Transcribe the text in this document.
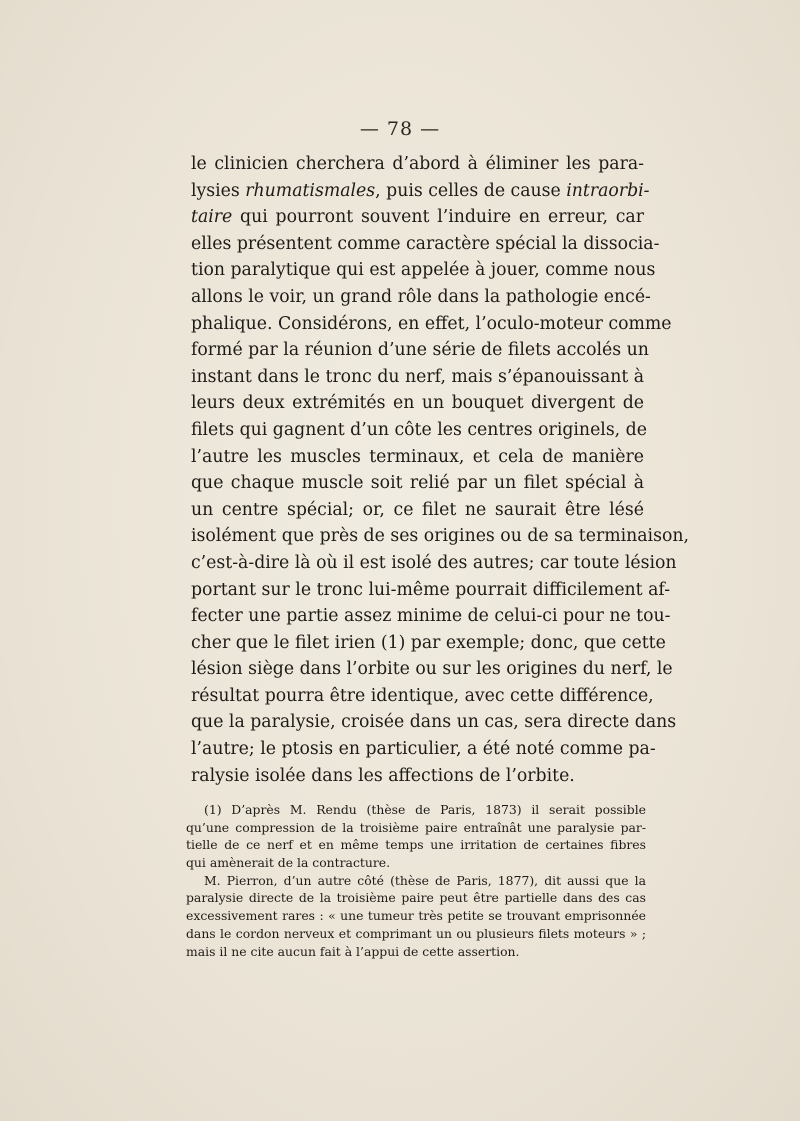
— 78 —
le clinicien chercherа d’abord à éliminer les para-
lysies rhumatismales, puis celles de cause intraorbi-
taire qui pourront souvent l’induire en erreur, car
elles présentent comme caractère spécial la dissocia-
tion paralytique qui est appelée à jouer, comme nous
allons le voir, un grand rôle dans la pathologie encé-
phalique. Considérons, en effet, l’oculo-moteur comme
formé par la réunion d’une série de filets accolés un
instant dans le tronc du nerf, mais s’épanouissant à
leurs deux extrémités en un bouquet divergent de
filets qui gagnent d’un côte les centres originels, de
l’autre les muscles terminaux, et cela de manière
que chaque muscle soit relié par un filet spécial à
un centre spécial; or, ce filet ne saurait être lésé
isolément que près de ses origines ou de sa terminaison,
c’est-à-dire là où il est isolé des autres; car toute lésion
portant sur le tronc lui-même pourrait difficilement af-
fecter une partie assez minime de celui-ci pour ne tou-
cher que le filet irien (1) par exemple; donc, que cette
lésion siège dans l’orbite ou sur les origines du nerf, le
résultat pourra être identique, avec cette différence,
que la paralysie, croisée dans un cas, sera directe dans
l’autre; le ptosis en particulier, a été noté comme pa-
ralysie isolée dans les affections de l’orbite.
(1) D’après M. Rendu (thèse de Paris, 1873) il serait possible
qu’une compression de la troisième paire entraînât une paralysie par-
tielle de ce nerf et en même temps une irritation de certaines fibres
qui amènerait de la contracture.
M. Pierron, d’un autre côté (thèse de Paris, 1877), dit aussi que la
paralysie directe de la troisième paire peut être partielle dans des cas
excessivement rares : « une tumeur très petite se trouvant emprisonnée
dans le cordon nerveux et comprimant un ou plusieurs filets moteurs » ;
mais il ne cite aucun fait à l’appui de cette assertion.
